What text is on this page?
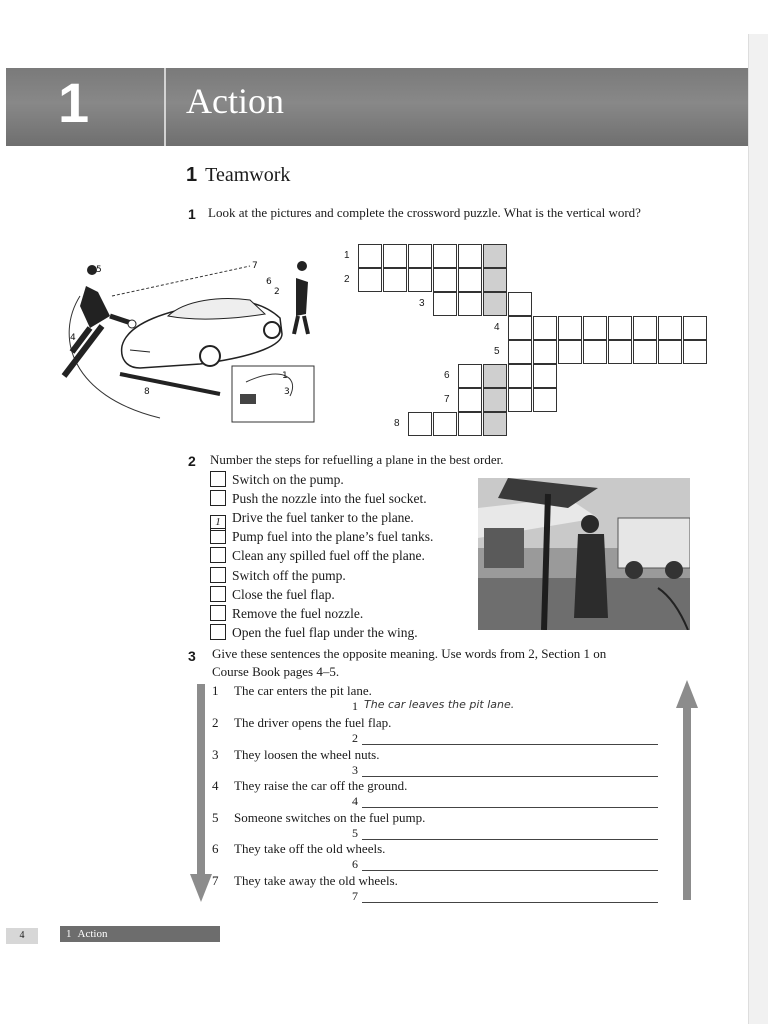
1	Action
1 Teamwork
1 Look at the pictures and complete the crossword puzzle. What is the vertical word?
5
4
7
6
2
8
1
3
1
2
3
4
5
6
7
8
2 Number the steps for refuelling a plane in the best order.
Switch on the pump.
Push the nozzle into the fuel socket.
1 Drive the fuel tanker to the plane.
Pump fuel into the plane’s fuel tanks.
Clean any spilled fuel off the plane.
Switch off the pump.
Close the fuel flap.
Remove the fuel nozzle.
Open the fuel flap under the wing.
3 Give these sentences the opposite meaning. Use words from 2, Section 1 on
Course Book pages 4–5.
1 The car enters the pit lane.
1 The car leaves the pit lane.
2 The driver opens the fuel flap.
2
3 They loosen the wheel nuts.
3
4 They raise the car off the ground.
4
5 Someone switches on the fuel pump.
5
6 They take off the old wheels.
6
7 They take away the old wheels.
7
4	1 Action
